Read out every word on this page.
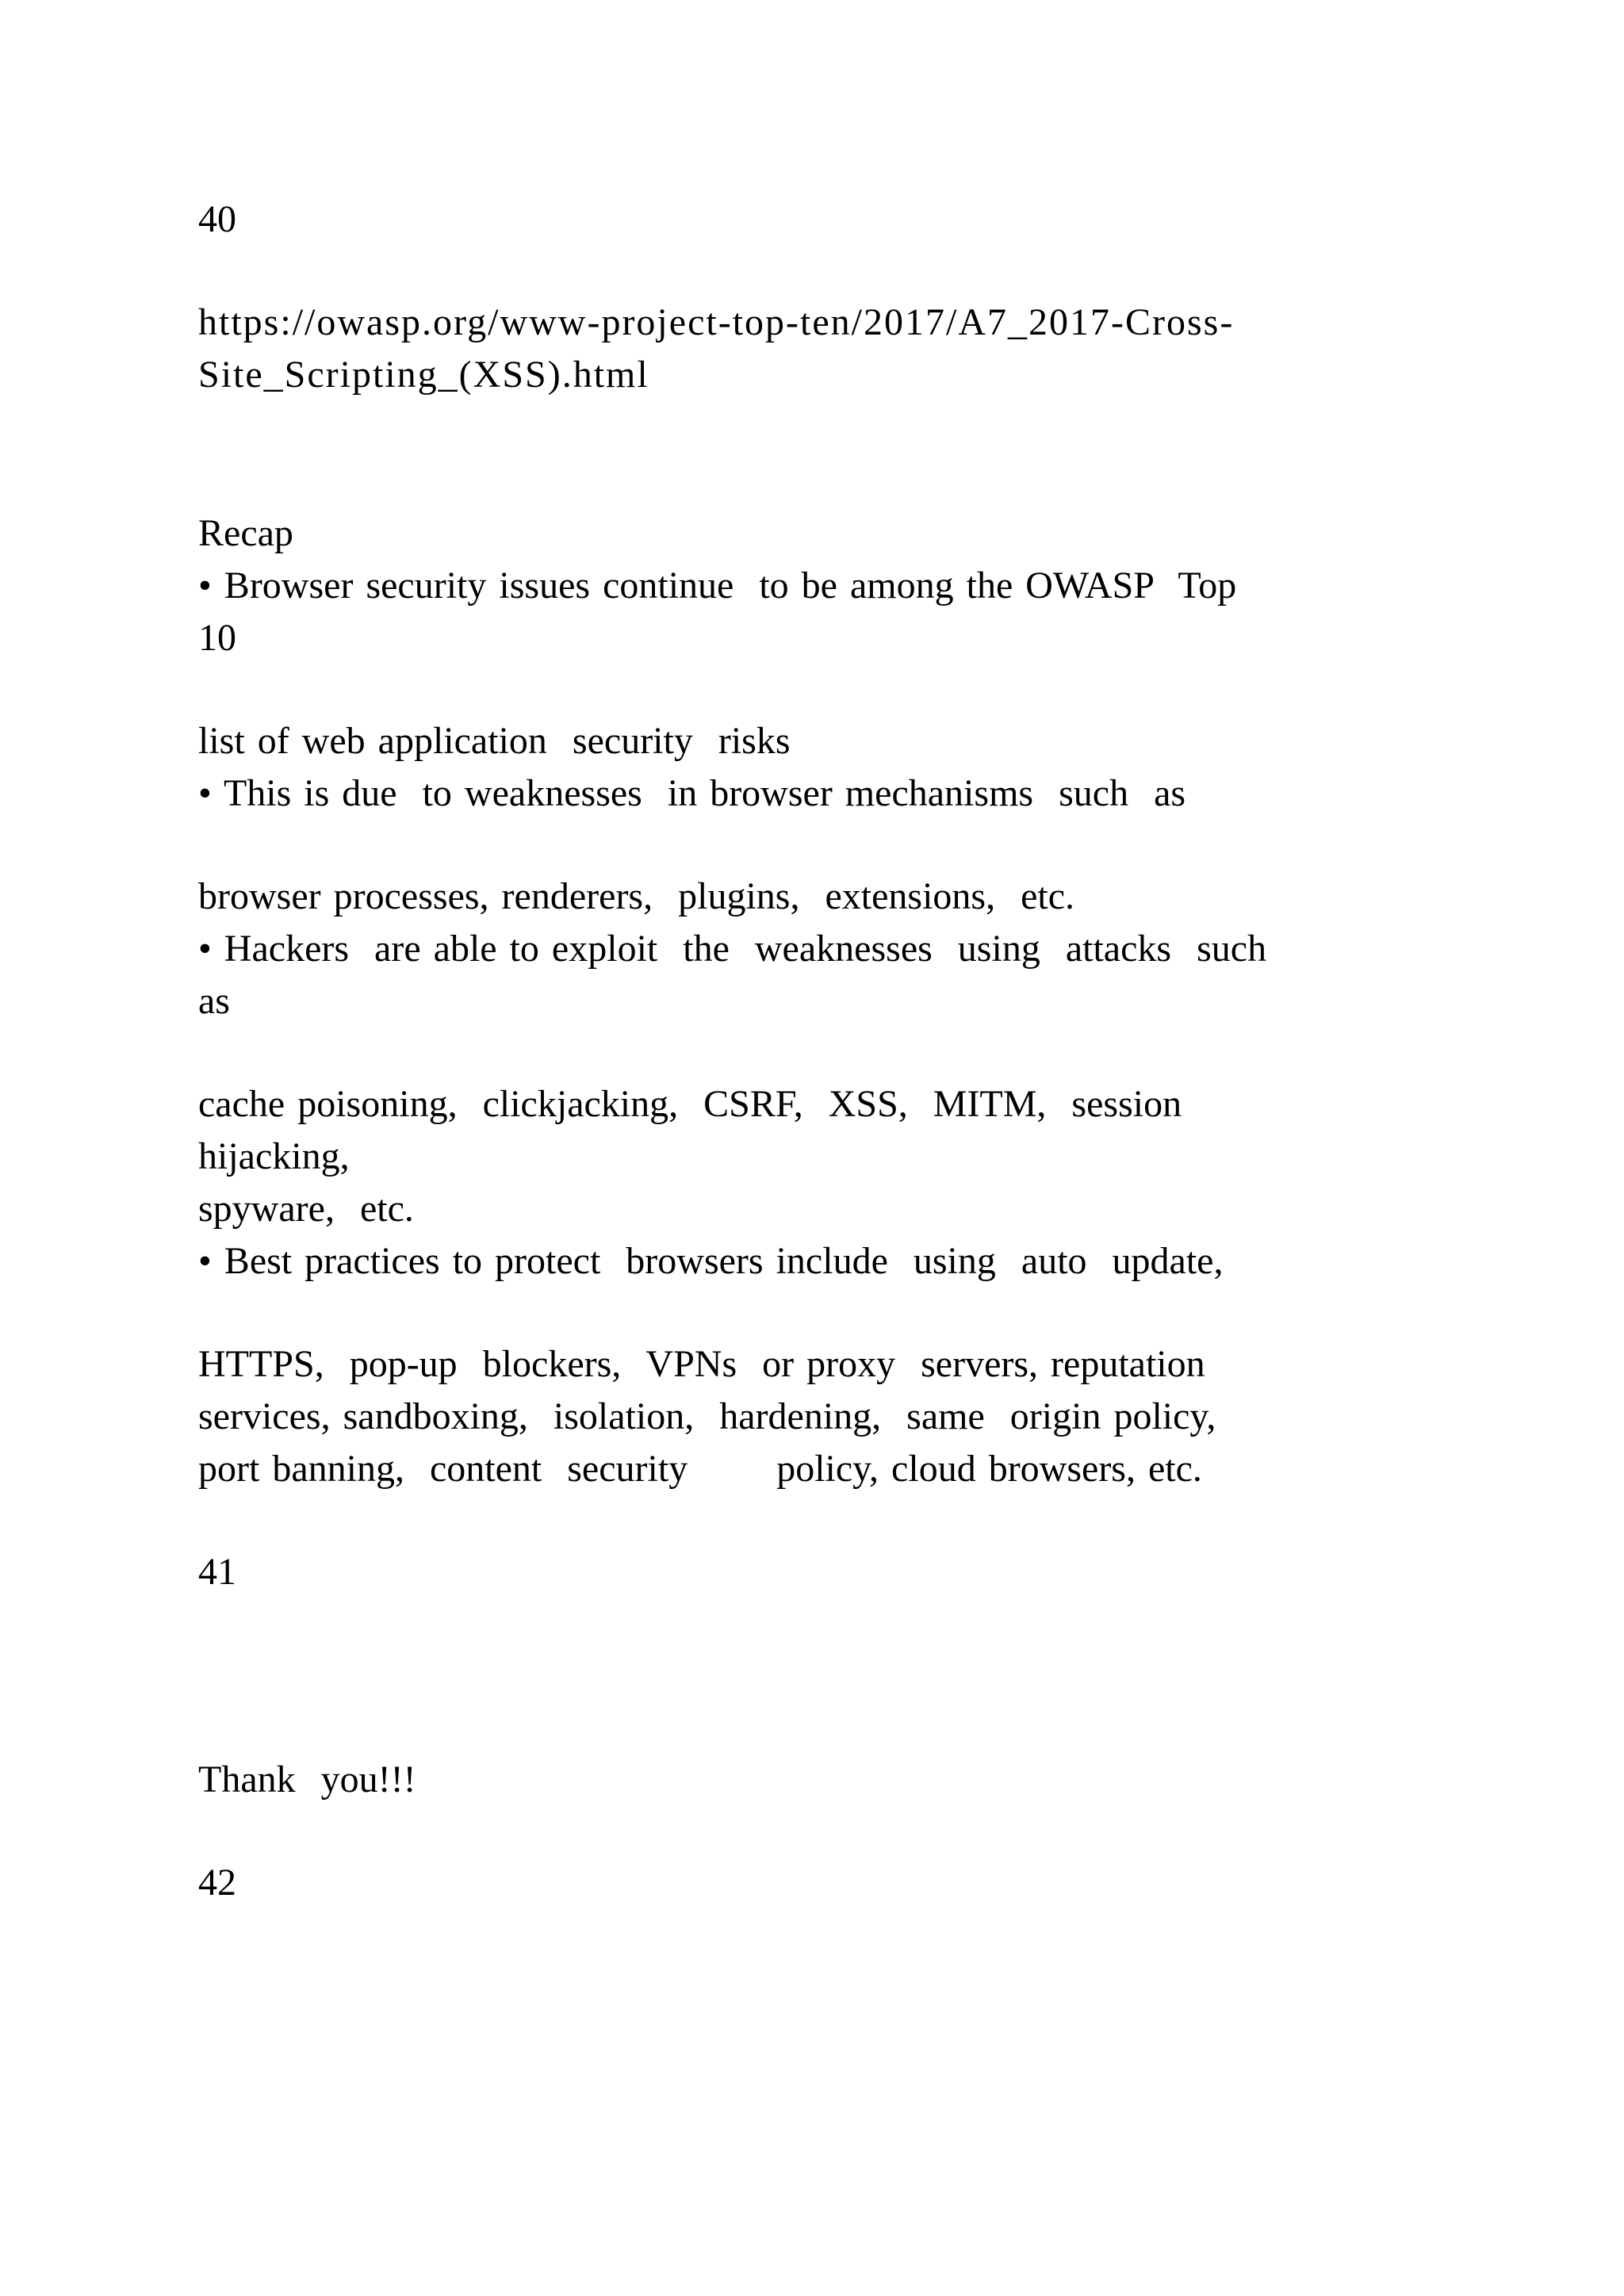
40

https://owasp.org/www-project-top-ten/2017/A7_2017-Cross-

Site_Scripting_(XSS).html

Recap

• Browser security issues continue  to be among the OWASP  Top

10

list of web application  security  risks

• This is due  to weaknesses  in browser mechanisms  such  as

browser processes, renderers,  plugins,  extensions,  etc.

• Hackers  are able to exploit  the  weaknesses  using  attacks  such

as

cache poisoning,  clickjacking,  CSRF,  XSS,  MITM,  session

hijacking,

spyware,  etc.

• Best practices to protect  browsers include  using  auto  update,

HTTPS,  pop-up  blockers,  VPNs  or proxy  servers, reputation

services, sandboxing,  isolation,  hardening,  same  origin policy,

port banning,  content  security       policy, cloud browsers, etc.

41

Thank  you!!!

42
